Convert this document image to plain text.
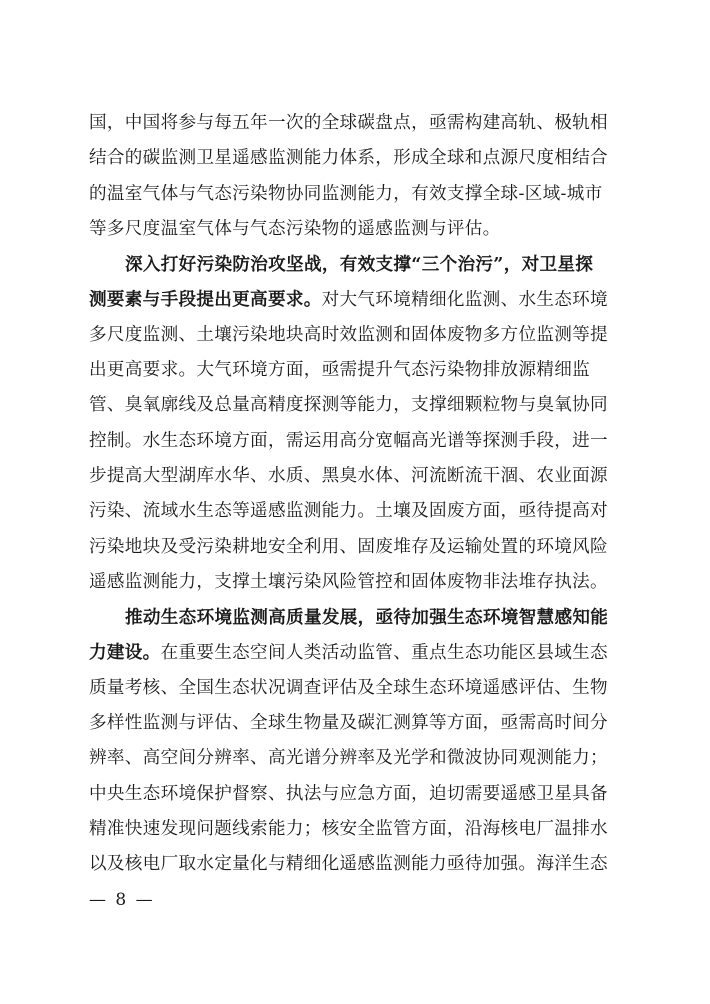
国，中国将参与每五年一次的全球碳盘点，亟需构建高轨、极轨相
结合的碳监测卫星遥感监测能力体系，形成全球和点源尺度相结合
的温室气体与气态污染物协同监测能力，有效支撑全球-区域-城市
等多尺度温室气体与气态污染物的遥感监测与评估。
深入打好污染防治攻坚战，有效支撑“三个治污”，对卫星探
测要素与手段提出更高要求。对大气环境精细化监测、水生态环境
多尺度监测、土壤污染地块高时效监测和固体废物多方位监测等提
出更高要求。大气环境方面，亟需提升气态污染物排放源精细监
管、臭氧廓线及总量高精度探测等能力，支撑细颗粒物与臭氧协同
控制。水生态环境方面，需运用高分宽幅高光谱等探测手段，进一
步提高大型湖库水华、水质、黑臭水体、河流断流干涸、农业面源
污染、流域水生态等遥感监测能力。土壤及固废方面，亟待提高对
污染地块及受污染耕地安全利用、固废堆存及运输处置的环境风险
遥感监测能力，支撑土壤污染风险管控和固体废物非法堆存执法。
推动生态环境监测高质量发展，亟待加强生态环境智慧感知能
力建设。在重要生态空间人类活动监管、重点生态功能区县域生态
质量考核、全国生态状况调查评估及全球生态环境遥感评估、生物
多样性监测与评估、全球生物量及碳汇测算等方面，亟需高时间分
辨率、高空间分辨率、高光谱分辨率及光学和微波协同观测能力；
中央生态环境保护督察、执法与应急方面，迫切需要遥感卫星具备
精准快速发现问题线索能力；核安全监管方面，沿海核电厂温排水
以及核电厂取水定量化与精细化遥感监测能力亟待加强。海洋生态
— 8 —
